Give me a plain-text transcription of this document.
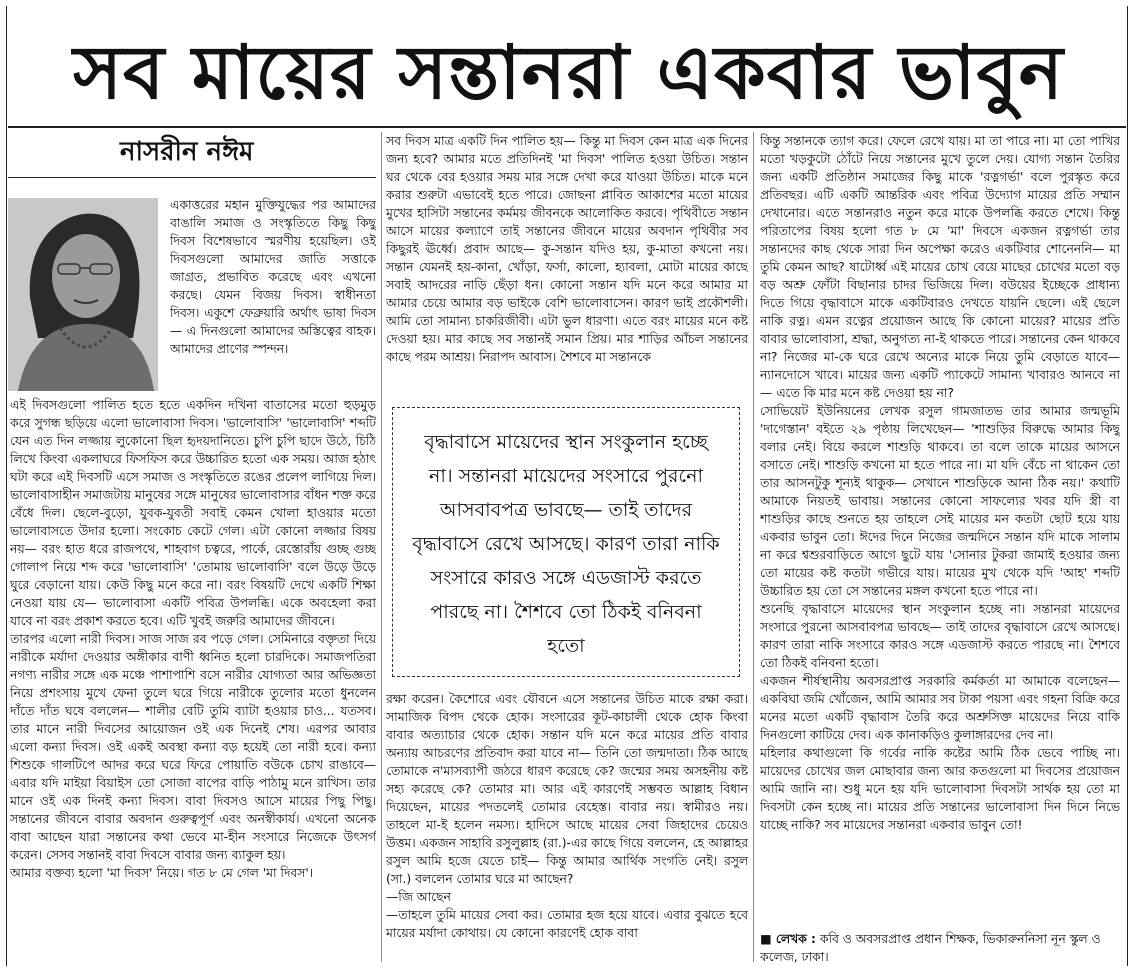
সব মায়ের সন্তানরা একবার ভাবুন
নাসরীন নঈম

একাত্তরের মহান মুক্তিযুদ্ধের পর আমাদের বাঙালি সমাজ ও সংস্কৃতিতে কিছু কিছু দিবস বিশেষভাবে স্মরণীয় হয়েছিল। ওই দিবসগুলো আমাদের জাতি সত্তাকে জাগ্রত, প্রভাবিত করেছে এবং এখনো করছে। যেমন বিজয় দিবস। স্বাধীনতা দিবস। একুশে ফেব্রুয়ারি অর্থাৎ ভাষা দিবস— এ দিনগুলো আমাদের অস্তিত্বের বাহক। আমাদের প্রাণের স্পন্দন।

এই দিবসগুলো পালিত হতে হতে একদিন দখিনা বাতাসের মতো হুড়মুড় করে সুগন্ধ ছড়িয়ে এলো ভালোবাসা দিবস। 'ভালোবাসি' 'ভালোবাসি' শব্দটি যেন এত দিন লজ্জায় লুকোনো ছিল হৃদয়দানিতে। চুপি চুপি ছাদে উঠে, চিঠি লিখে কিংবা একলাঘরে ফিসফিস করে উচ্চারিত হতো এক সময়। আজ হঠাৎ ঘটা করে এই দিবসটি এসে সমাজ ও সংস্কৃতিতে রঙের প্রলেপ লাগিয়ে দিল। ভালোবাসাহীন সমাজটায় মানুষের সঙ্গে মানুষের ভালোবাসার বাঁধন শক্ত করে বেঁধে দিল। ছেলে-বুড়ো, যুবক-যুবতী সবাই কেমন খোলা হাওয়ার মতো ভালোবাসতে উদার হলো। সংকোচ কেটে গেল। এটা কোনো লজ্জার বিষয় নয়— বরং হাত ধরে রাজপথে, শাহবাগ চত্বরে, পার্কে, রেস্তোরাঁয় গুচ্ছ গুচ্ছ গোলাপ নিয়ে শব্দ করে 'ভালোবাসি' 'তোমায় ভালোবাসি' বলে উড়ে উড়ে ঘুরে বেড়ানো যায়। কেউ কিছু মনে করে না। বরং বিষয়টি দেখে একটি শিক্ষা নেওয়া যায় যে— ভালোবাসা একটি পবিত্র উপলব্ধি। একে অবহেলা করা যাবে না বরং প্রকাশ করতে হবে। এটি খুবই জরুরি আমাদের জীবনে।

তারপর এলো নারী দিবস। সাজ সাজ রব পড়ে গেল। সেমিনারে বক্তৃতা দিয়ে নারীকে মর্যাদা দেওয়ার অঙ্গীকার বাণী ধ্বনিত হলো চারদিকে। সমাজপতিরা নগণ্য নারীর সঙ্গে এক মঞ্চে পাশাপাশি বসে নারীর যোগ্যতা আর অভিজ্ঞতা নিয়ে প্রশংসায় মুখে ফেনা তুলে ঘরে গিয়ে নারীকে তুলোর মতো ধুনলেন দাঁতে দাঁত ঘষে বললেন— শালীর বেটি তুমি ব্যাটা হওয়ার চাও... যতসব। তার মানে নারী দিবসের আয়োজন ওই এক দিনেই শেষ। এরপর আবার এলো কন্যা দিবস। ওই একই অবস্থা কন্যা বড় হয়েই তো নারী হবে। কন্যা শিশুকে গালটিপে আদর করে ঘরে ফিরে পোয়াতি বউকে চোখ রাঙাবে— এবার যদি মাইয়া বিয়াইস তো সোজা বাপের বাড়ি পাঠামু মনে রাখিস। তার মানে ওই এক দিনই কন্যা দিবস। বাবা দিবসও আসে মায়ের পিছু পিছু। সন্তানের জীবনে বাবার অবদান গুরুত্বপূর্ণ এবং অনস্বীকার্য। এখনো অনেক বাবা আছেন যারা সন্তানের কথা ভেবে মা-হীন সংসারে নিজেকে উৎসর্গ করেন। সেসব সন্তানই বাবা দিবসে বাবার জন্য ব্যাকুল হয়।

আমার বক্তব্য হলো 'মা দিবস' নিয়ে। গত ৮ মে গেল 'মা দিবস'।

সব দিবস মাত্র একটি দিন পালিত হয়— কিন্তু মা দিবস কেন মাত্র এক দিনের জন্য হবে? আমার মতে প্রতিদিনই 'মা দিবস' পালিত হওয়া উচিত। সন্তান ঘর থেকে বের হওয়ার সময় মার সঙ্গে দেখা করে যাওয়া উচিত। মাকে মনে করার শুরুটা এভাবেই হতে পারে। জোছনা প্লাবিত আকাশের মতো মায়ের মুখের হাসিটা সন্তানের কর্মময় জীবনকে আলোকিত করবে। পৃথিবীতে সন্তান আসে মায়ের কল্যাণে তাই সন্তানের জীবনে মায়ের অবদান পৃথিবীর সব কিছুরই ঊর্ধ্বে। প্রবাদ আছে— কু-সন্তান যদিও হয়, কু-মাতা কখনো নয়। সন্তান যেমনই হয়-কানা, খোঁড়া, ফর্সা, কালো, হ্যাবলা, মোটা মায়ের কাছে সবাই আদরের নাড়ি ছেঁড়া ধন। কোনো সন্তান যদি মনে করে আমার মা আমার চেয়ে আমার বড় ভাইকে বেশি ভালোবাসেন। কারণ ভাই প্রকৌশলী। আমি তো সামান্য চাকরিজীবী। এটা ভুল ধারণা। এতে বরং মায়ের মনে কষ্ট দেওয়া হয়। মার কাছে সব সন্তানই সমান প্রিয়। মার শাড়ির আঁচল সন্তানের কাছে পরম আশ্রয়। নিরাপদ আবাস। শৈশবে মা সন্তানকে

বৃদ্ধাবাসে মায়েদের স্থান সংকুলান হচ্ছে না। সন্তানরা মায়েদের সংসারে পুরনো আসবাবপত্র ভাবছে— তাই তাদের বৃদ্ধাবাসে রেখে আসছে। কারণ তারা নাকি সংসারে কারও সঙ্গে এডজাস্ট করতে পারছে না। শৈশবে তো ঠিকই বনিবনা হতো

রক্ষা করেন। কৈশোরে এবং যৌবনে এসে সন্তানের উচিত মাকে রক্ষা করা। সামাজিক বিপদ থেকে হোক। সংসারের কূট-কাচালী থেকে হোক কিংবা বাবার অত্যাচার থেকে হোক। সন্তান যদি মনে করে মায়ের প্রতি বাবার অন্যায় আচরণের প্রতিবাদ করা যাবে না— তিনি তো জন্মদাতা। ঠিক আছে তোমাকে ন'মাসব্যাপী জঠরে ধারণ করেছে কে? জন্মের সময় অসহনীয় কষ্ট সহ্য করেছে কে? তোমার মা। আর এই কারণেই সম্ভবত আল্লাহ বিধান দিয়েছেন, মায়ের পদতলেই তোমার বেহেস্ত। বাবার নয়। স্বামীরও নয়। তাহলে মা-ই হলেন নমস্য। হাদিসে আছে মায়ের সেবা জিহাদের চেয়েও উত্তম। একজন সাহাবি রসুলুল্লাহ (রা.)-এর কাছে গিয়ে বললেন, হে আল্লাহর রসুল আমি হজে যেতে চাই— কিন্তু আমার আর্থিক সংগতি নেই। রসুল (সা.) বললেন তোমার ঘরে মা আছেন?

—জি আছেন

—তাহলে তুমি মায়ের সেবা কর। তোমার হজ হয়ে যাবে। এবার বুঝতে হবে মায়ের মর্যাদা কোথায়। যে কোনো কারণেই হোক বাবা

কিন্তু সন্তানকে ত্যাগ করে। ফেলে রেখে যায়। মা তা পারে না। মা তো পাখির মতো খড়কুটো ঠোঁটে নিয়ে সন্তানের মুখে তুলে দেয়। যোগ্য সন্তান তৈরির জন্য একটি প্রতিষ্ঠান সমাজের কিছু মাকে 'রত্নগর্ভা' বলে পুরস্কৃত করে প্রতিবছর। এটি একটি আন্তরিক এবং পবিত্র উদ্যোগ মায়ের প্রতি সম্মান দেখানোর। এতে সন্তানরাও নতুন করে মাকে উপলব্ধি করতে শেখে। কিন্তু পরিতাপের বিষয় হলো গত ৮ মে 'মা' দিবসে একজন রত্নগর্ভা তার সন্তানদের কাছ থেকে সারা দিন অপেক্ষা করেও একটিবার শোনেননি— মা তুমি কেমন আছ? ষাটোর্ধ্ব এই মায়ের চোখ বেয়ে মাছের চোখের মতো বড় বড় অশ্রু ফোঁটা বিছানার চাদর ভিজিয়ে দিল। বউয়ের ইচ্ছেকে প্রাধান্য দিতে গিয়ে বৃদ্ধাবাসে মাকে একটিবারও দেখতে যায়নি ছেলে। এই ছেলে নাকি রত্ন। এমন রত্নের প্রয়োজন আছে কি কোনো মায়ের? মায়ের প্রতি বাবার ভালোবাসা, শ্রদ্ধা, অনুগত্য না-ই থাকতে পারে। সন্তানের কেন থাকবে না? নিজের মা-কে ঘরে রেখে অন্যের মাকে নিয়ে তুমি বেড়াতে যাবে— ন্যানদোসে খাবে। মায়ের জন্য একটি প্যাকেটে সামান্য খাবারও আনবে না— এতে কি মার মনে কষ্ট দেওয়া হয় না?

সোভিয়েট ইউনিয়নের লেখক রসুল গামজাতভ তার আমার জন্মভূমি 'দাগেস্তান' বইতে ২৯ পৃষ্ঠায় লিখেছেন— 'শাশুড়ির বিরুদ্ধে আমার কিছু বলার নেই। বিয়ে করলে শাশুড়ি থাকবে। তা বলে তাকে মায়ের আসনে বসাতে নেই। শাশুড়ি কখনো মা হতে পারে না। মা যদি বেঁচে না থাকেন তো তার আসনটুকু শূন্যই থাকুক— সেখানে শাশুড়িকে আনা ঠিক নয়।' কথাটি আমাকে নিয়তই ভাবায়। সন্তানের কোনো সাফল্যের খবর যদি স্ত্রী বা শাশুড়ির কাছে শুনতে হয় তাহলে সেই মায়ের মন কতটা ছোট হয়ে যায় একবার ভাবুন তো। ঈদের দিনে নিজের জন্মদিনে সন্তান যদি মাকে সালাম না করে শ্বশুরবাড়িতে আগে ছুটে যায় 'সোনার টুকরা জামাই হওয়ার জন্য তো মায়ের কষ্ট কতটা গভীরে যায়। মায়ের মুখ থেকে যদি 'আহ' শব্দটি উচ্চারিত হয় তো সে সন্তানের মঙ্গল কখনো হতে পারে না।

শুনেছি বৃদ্ধাবাসে মায়েদের স্থান সংকুলান হচ্ছে না। সন্তানরা মায়েদের সংসারে পুরনো আসবাবপত্র ভাবছে— তাই তাদের বৃদ্ধাবাসে রেখে আসছে। কারণ তারা নাকি সংসারে কারও সঙ্গে এডজাস্ট করতে পারছে না। শৈশবে তো ঠিকই বনিবনা হতো।

একজন শীর্ষস্থানীয় অবসরপ্রাপ্ত সরকারি কর্মকর্তা মা আমাকে বলেছেন— একবিঘা জমি খোঁজেন, আমি আমার সব টাকা পয়সা এবং গহনা বিক্রি করে মনের মতো একটি বৃদ্ধাবাস তৈরি করে অশ্রুসিক্ত মায়েদের নিয়ে বাকি দিনগুলো কাটিয়ে দেব। এক কানাকড়িও কুলাঙ্গারদের দেব না।

মহিলার কথাগুলো কি গর্বের নাকি কষ্টের আমি ঠিক ভেবে পাচ্ছি না। মায়েদের চোখের জল মোছাবার জন্য আর কতগুলো মা দিবসের প্রয়োজন আমি জানি না। শুধু মনে হয় যদি ভালোবাসা দিবসটা সার্থক হয় তো মা দিবসটা কেন হচ্ছে না। মায়ের প্রতি সন্তানের ভালোবাসা দিন দিনে নিভে যাচ্ছে নাকি? সব মায়েদের সন্তানরা একবার ভাবুন তো!

■ লেখক : কবি ও অবসরপ্রাপ্ত প্রধান শিক্ষক, ভিকারুননিসা নূন স্কুল ও কলেজ, ঢাকা।
